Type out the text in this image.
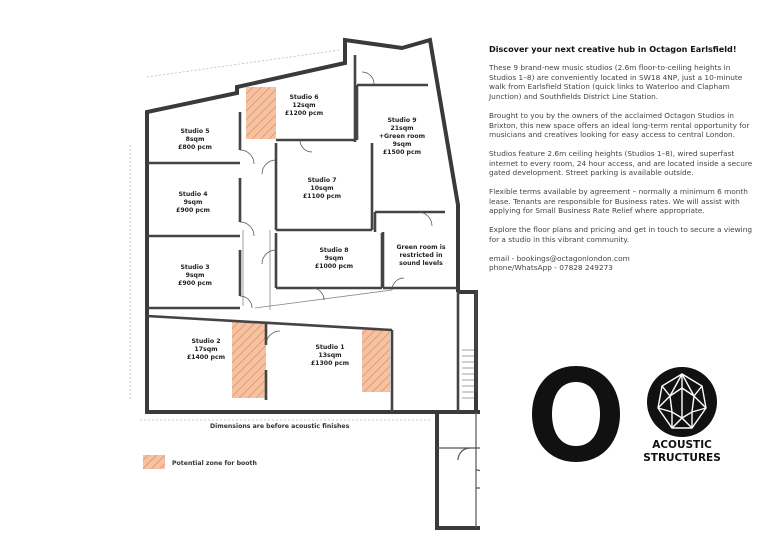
Studio 5
8sqm
£800 pcm
Studio 4
9sqm
£900 pcm
Studio 3
9sqm
£900 pcm
Studio 2
17sqm
£1400 pcm
Studio 1
13sqm
£1300 pcm
Studio 6
12sqm
£1200 pcm
Studio 7
10sqm
£1100 pcm
Studio 8
9sqm
£1000 pcm
Studio 9
21sqm
+Green room
9sqm
£1500 pcm
Green room is
restricted in
sound levels
Dimensions are before acoustic finishes
Potential zone for booth
Discover your next creative hub in Octagon Earlsfield!

These 9 brand-new music studios (2.6m floor-to-ceiling heights in Studios 1–8) are conveniently located in SW18 4NP, just a 10-minute walk from Earlsfield Station (quick links to Waterloo and Clapham Junction) and Southfields District Line Station.

Brought to you by the owners of the acclaimed Octagon Studios in Brixton, this new space offers an ideal long-term rental opportunity for musicians and creatives looking for easy access to central London.

Studios feature 2.6m ceiling heights (Studios 1–8), wired superfast internet to every room, 24 hour access, and are located inside a secure gated development. Street parking is available outside.

Flexible terms available by agreement – normally a minimum 6 month lease. Tenants are responsible for Business rates. We will assist with applying for Small Business Rate Relief where appropriate.

Explore the floor plans and pricing and get in touch to secure a viewing for a studio in this vibrant community.

email - bookings@octagonlondon.com

phone/WhatsApp - 07828 249273

ACOUSTIC
STRUCTURES
